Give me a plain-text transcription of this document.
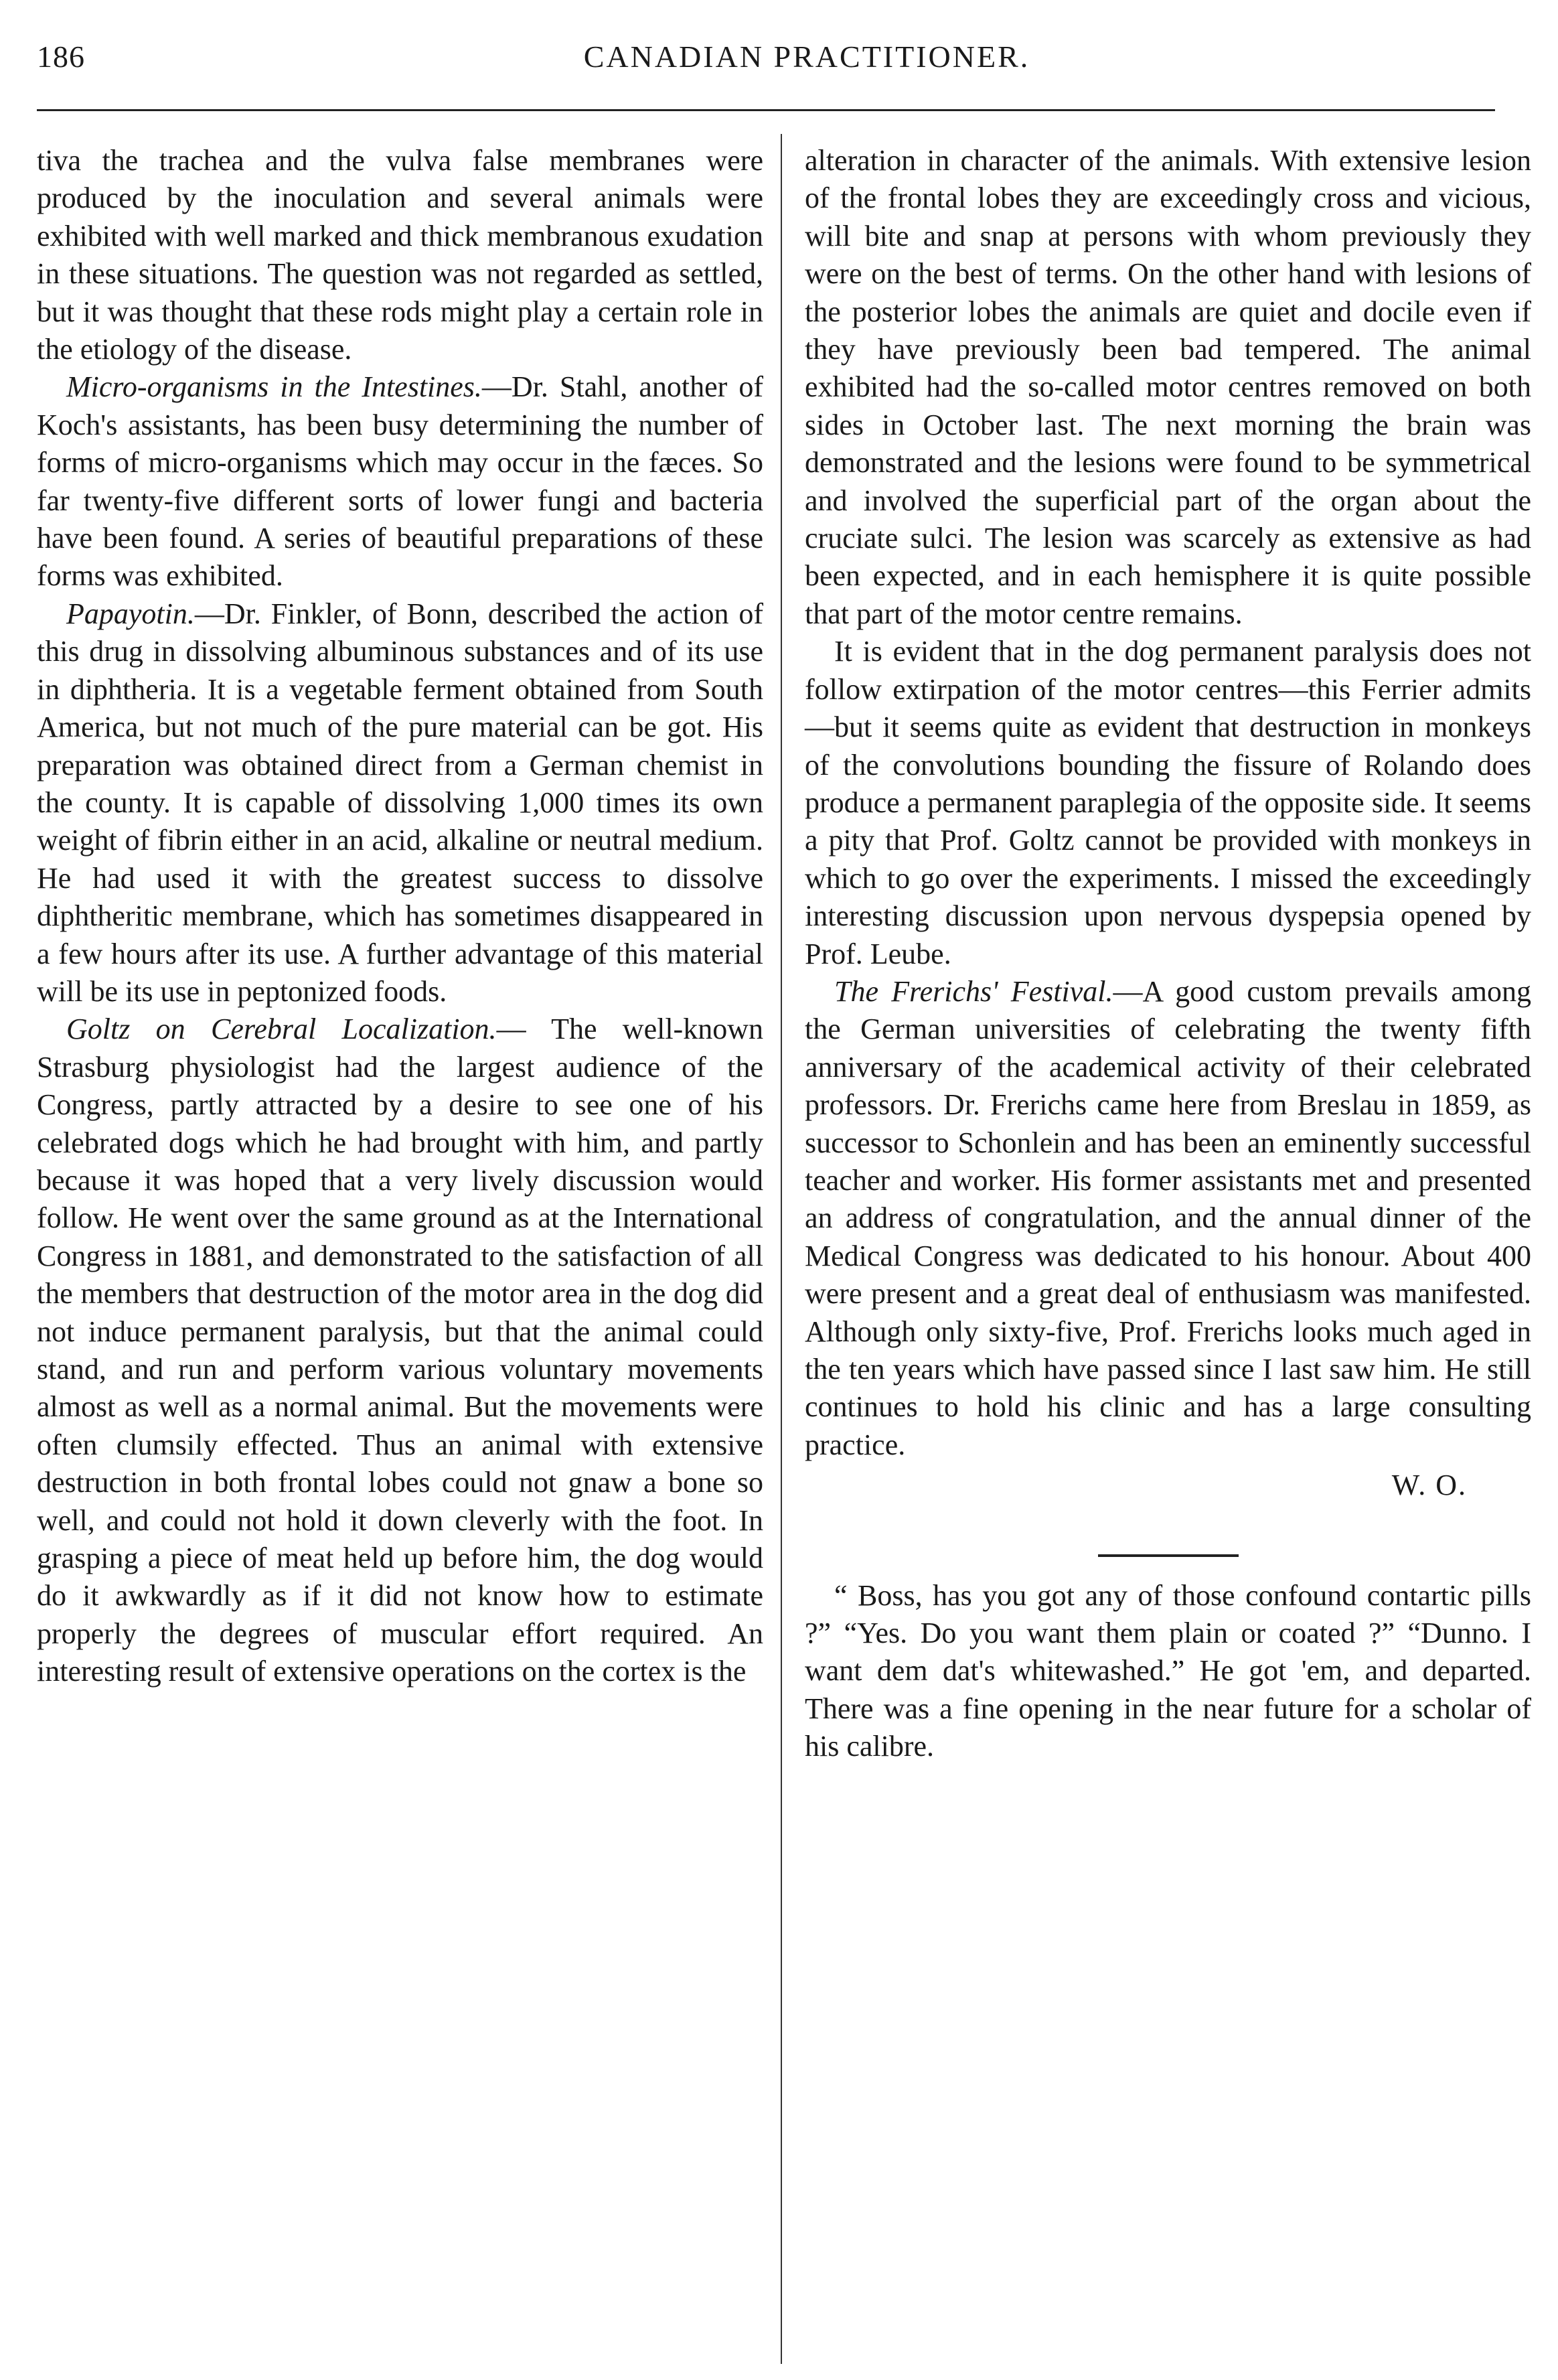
186	CANADIAN PRACTITIONER.

tiva the trachea and the vulva false membranes were produced by the inoculation and several animals were exhibited with well marked and thick membranous exudation in these situations. The question was not regarded as settled, but it was thought that these rods might play a certain role in the etiology of the disease.

Micro-organisms in the Intestines.—Dr. Stahl, another of Koch's assistants, has been busy determining the number of forms of micro-organisms which may occur in the fæces. So far twenty-five different sorts of lower fungi and bacteria have been found. A series of beautiful preparations of these forms was exhibited.

Papayotin.—Dr. Finkler, of Bonn, described the action of this drug in dissolving albuminous substances and of its use in diphtheria. It is a vegetable ferment obtained from South America, but not much of the pure material can be got. His preparation was obtained direct from a German chemist in the county. It is capable of dissolving 1,000 times its own weight of fibrin either in an acid, alkaline or neutral medium. He had used it with the greatest success to dissolve diphtheritic membrane, which has sometimes disappeared in a few hours after its use. A further advantage of this material will be its use in peptonized foods.

Goltz on Cerebral Localization.— The well-known Strasburg physiologist had the largest audience of the Congress, partly attracted by a desire to see one of his celebrated dogs which he had brought with him, and partly because it was hoped that a very lively discussion would follow. He went over the same ground as at the International Congress in 1881, and demonstrated to the satisfaction of all the members that destruction of the motor area in the dog did not induce permanent paralysis, but that the animal could stand, and run and perform various voluntary movements almost as well as a normal animal. But the movements were often clumsily effected. Thus an animal with extensive destruction in both frontal lobes could not gnaw a bone so well, and could not hold it down cleverly with the foot. In grasping a piece of meat held up before him, the dog would do it awkwardly as if it did not know how to estimate properly the degrees of muscular effort required. An interesting result of extensive operations on the cortex is the

alteration in character of the animals. With extensive lesion of the frontal lobes they are exceedingly cross and vicious, will bite and snap at persons with whom previously they were on the best of terms. On the other hand with lesions of the posterior lobes the animals are quiet and docile even if they have previously been bad tempered. The animal exhibited had the so-called motor centres removed on both sides in October last. The next morning the brain was demonstrated and the lesions were found to be symmetrical and involved the superficial part of the organ about the cruciate sulci. The lesion was scarcely as extensive as had been expected, and in each hemisphere it is quite possible that part of the motor centre remains.

It is evident that in the dog permanent paralysis does not follow extirpation of the motor centres—this Ferrier admits—but it seems quite as evident that destruction in monkeys of the convolutions bounding the fissure of Rolando does produce a permanent paraplegia of the opposite side. It seems a pity that Prof. Goltz cannot be provided with monkeys in which to go over the experiments. I missed the exceedingly interesting discussion upon nervous dyspepsia opened by Prof. Leube.

The Frerichs' Festival.—A good custom prevails among the German universities of celebrating the twenty fifth anniversary of the academical activity of their celebrated professors. Dr. Frerichs came here from Breslau in 1859, as successor to Schonlein and has been an eminently successful teacher and worker. His former assistants met and presented an address of congratulation, and the annual dinner of the Medical Congress was dedicated to his honour. About 400 were present and a great deal of enthusiasm was manifested. Although only sixty-five, Prof. Frerichs looks much aged in the ten years which have passed since I last saw him. He still continues to hold his clinic and has a large consulting practice.

W. O.

“ Boss, has you got any of those confound contartic pills ?” “Yes. Do you want them plain or coated ?” “Dunno. I want dem dat's whitewashed.” He got 'em, and departed. There was a fine opening in the near future for a scholar of his calibre.
